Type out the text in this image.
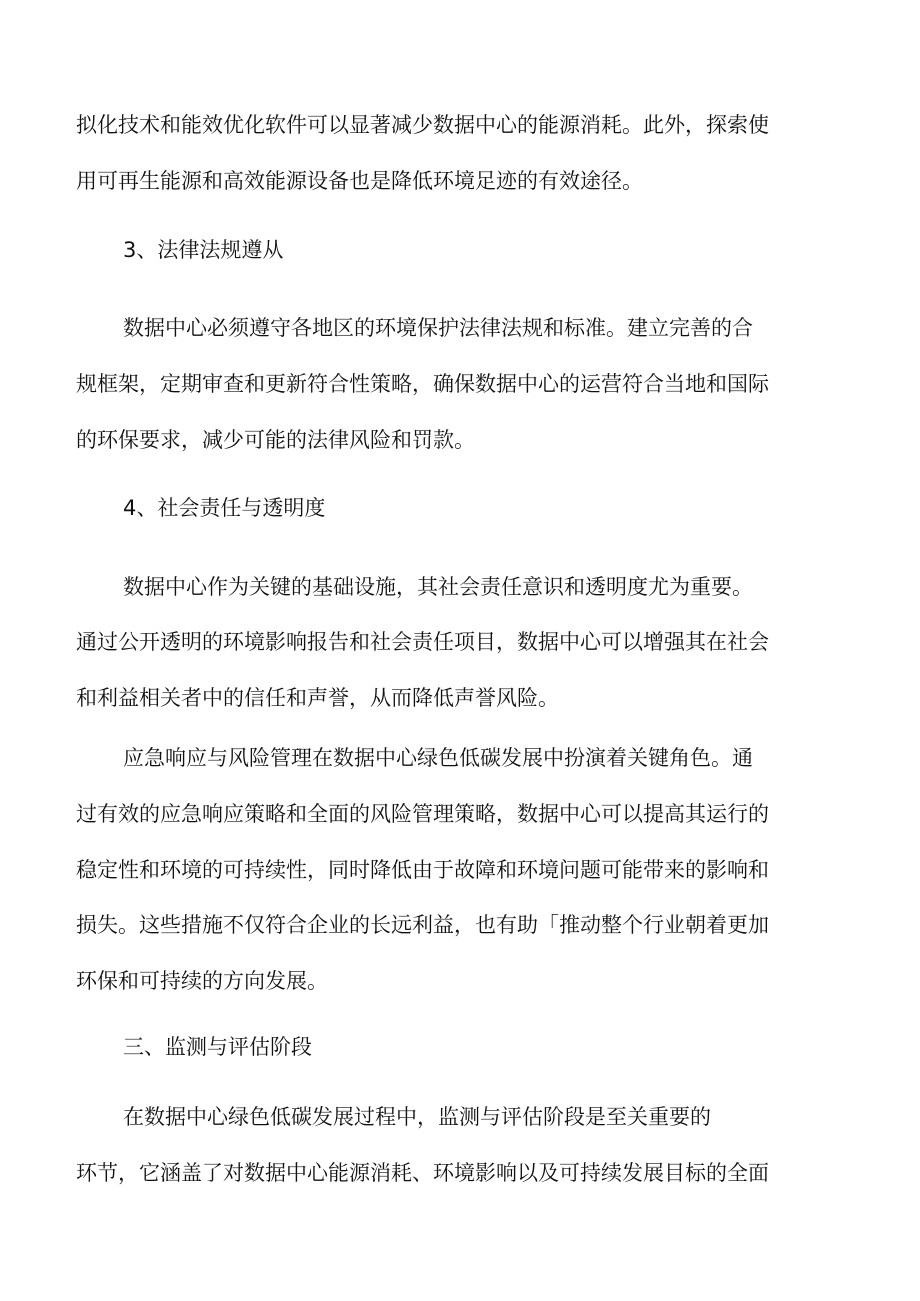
拟化技术和能效优化软件可以显著减少数据中心的能源消耗。此外，探索使

用可再生能源和高效能源设备也是降低环境足迹的有效途径。

3、法律法规遵从

数据中心必须遵守各地区的环境保护法律法规和标准。建立完善的合

规框架，定期审查和更新符合性策略，确保数据中心的运营符合当地和国际

的环保要求，减少可能的法律风险和罚款。

4、社会责任与透明度

数据中心作为关键的基础设施，其社会责任意识和透明度尤为重要。

通过公开透明的环境影响报告和社会责任项目，数据中心可以增强其在社会

和利益相关者中的信任和声誉，从而降低声誉风险。

应急响应与风险管理在数据中心绿色低碳发展中扮演着关键角色。通

过有效的应急响应策略和全面的风险管理策略，数据中心可以提高其运行的

稳定性和环境的可持续性，同时降低由于故障和环境问题可能带来的影响和

损失。这些措施不仅符合企业的长远利益，也有助「推动整个行业朝着更加

环保和可持续的方向发展。

三、监测与评估阶段

在数据中心绿色低碳发展过程中，监测与评估阶段是至关重要的

环节，它涵盖了对数据中心能源消耗、环境影响以及可持续发展目标的全面
